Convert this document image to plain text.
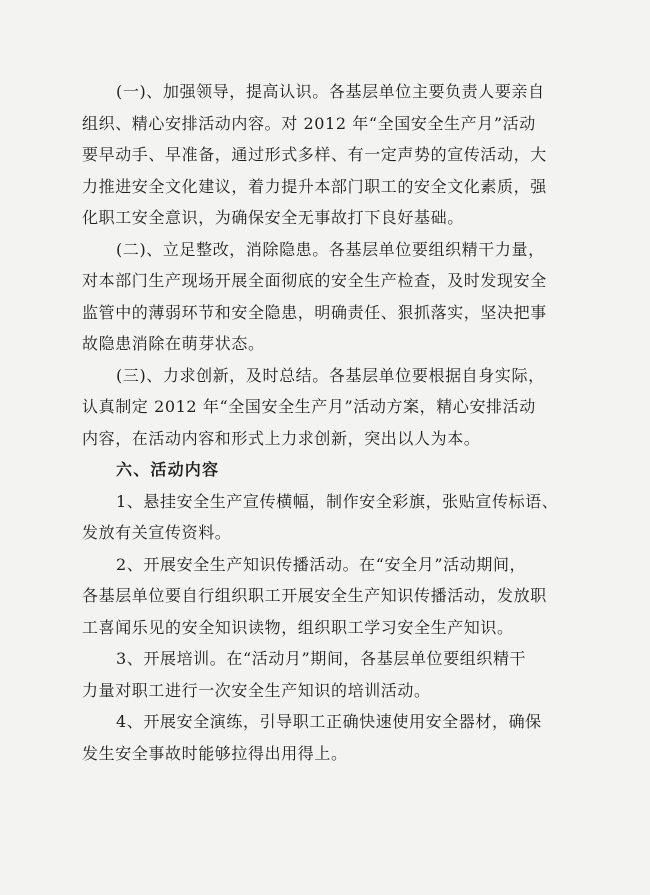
(一)、加强领导，提高认识。各基层单位主要负责人要亲自
组织、精心安排活动内容。对 2012 年“全国安全生产月”活动
要早动手、早准备，通过形式多样、有一定声势的宣传活动，大
力推进安全文化建议，着力提升本部门职工的安全文化素质，强
化职工安全意识，为确保安全无事故打下良好基础。
(二)、立足整改，消除隐患。各基层单位要组织精干力量，
对本部门生产现场开展全面彻底的安全生产检查，及时发现安全
监管中的薄弱环节和安全隐患，明确责任、狠抓落实，坚决把事
故隐患消除在萌芽状态。
(三)、力求创新，及时总结。各基层单位要根据自身实际，
认真制定 2012 年“全国安全生产月”活动方案，精心安排活动
内容，在活动内容和形式上力求创新，突出以人为本。
六、活动内容
1、悬挂安全生产宣传横幅，制作安全彩旗，张贴宣传标语、
发放有关宣传资料。
2、开展安全生产知识传播活动。在“安全月”活动期间，
各基层单位要自行组织职工开展安全生产知识传播活动，发放职
工喜闻乐见的安全知识读物，组织职工学习安全生产知识。
3、开展培训。在“活动月”期间，各基层单位要组织精干
力量对职工进行一次安全生产知识的培训活动。
4、开展安全演练，引导职工正确快速使用安全器材，确保
发生安全事故时能够拉得出用得上。
